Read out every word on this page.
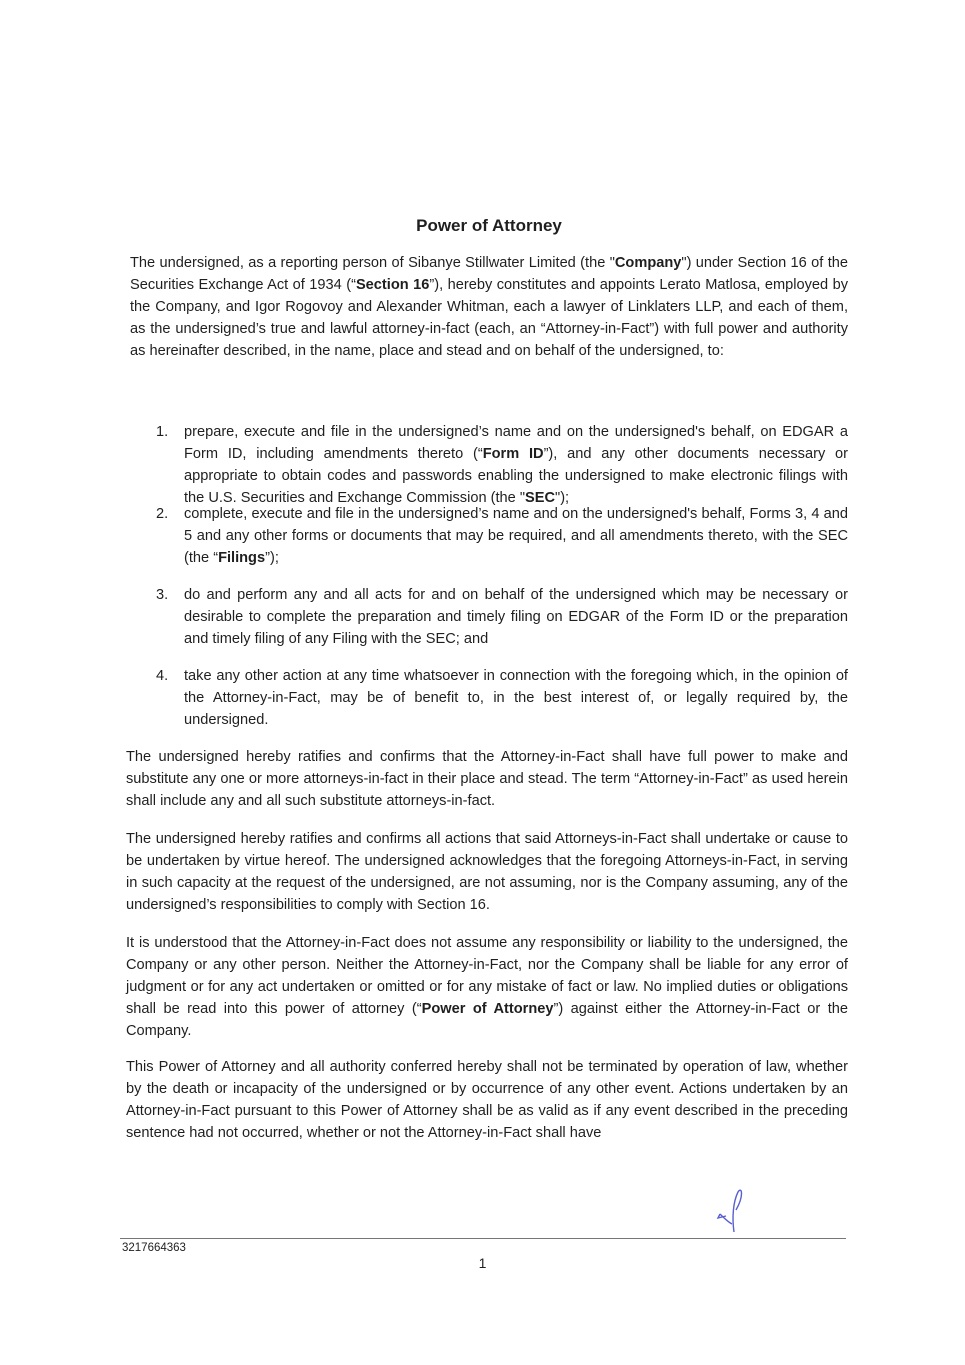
Power of Attorney

The undersigned, as a reporting person of Sibanye Stillwater Limited (the "Company") under Section 16 of the Securities Exchange Act of 1934 (“Section 16”), hereby constitutes and appoints Lerato Matlosa, employed by the Company, and Igor Rogovoy and Alexander Whitman, each a lawyer of Linklaters LLP, and each of them, as the undersigned’s true and lawful attorney-in-fact (each, an “Attorney-in-Fact”) with full power and authority as hereinafter described, in the name, place and stead and on behalf of the undersigned, to:

1. prepare, execute and file in the undersigned’s name and on the undersigned's behalf, on EDGAR a Form ID, including amendments thereto (“Form ID”), and any other documents necessary or appropriate to obtain codes and passwords enabling the undersigned to make electronic filings with the U.S. Securities and Exchange Commission (the "SEC");
2. complete, execute and file in the undersigned’s name and on the undersigned's behalf, Forms 3, 4 and 5 and any other forms or documents that may be required, and all amendments thereto, with the SEC (the “Filings”);
3. do and perform any and all acts for and on behalf of the undersigned which may be necessary or desirable to complete the preparation and timely filing on EDGAR of the Form ID or the preparation and timely filing of any Filing with the SEC; and
4. take any other action at any time whatsoever in connection with the foregoing which, in the opinion of the Attorney-in-Fact, may be of benefit to, in the best interest of, or legally required by, the undersigned.

The undersigned hereby ratifies and confirms that the Attorney-in-Fact shall have full power to make and substitute any one or more attorneys-in-fact in their place and stead. The term “Attorney-in-Fact” as used herein shall include any and all such substitute attorneys-in-fact.

The undersigned hereby ratifies and confirms all actions that said Attorneys-in-Fact shall undertake or cause to be undertaken by virtue hereof. The undersigned acknowledges that the foregoing Attorneys-in-Fact, in serving in such capacity at the request of the undersigned, are not assuming, nor is the Company assuming, any of the undersigned’s responsibilities to comply with Section 16.

It is understood that the Attorney-in-Fact does not assume any responsibility or liability to the undersigned, the Company or any other person. Neither the Attorney-in-Fact, nor the Company shall be liable for any error of judgment or for any act undertaken or omitted or for any mistake of fact or law. No implied duties or obligations shall be read into this power of attorney (“Power of Attorney”) against either the Attorney-in-Fact or the Company.

This Power of Attorney and all authority conferred hereby shall not be terminated by operation of law, whether by the death or incapacity of the undersigned or by occurrence of any other event. Actions undertaken by an Attorney-in-Fact pursuant to this Power of Attorney shall be as valid as if any event described in the preceding sentence had not occurred, whether or not the Attorney-in-Fact shall have

3217664363
1
